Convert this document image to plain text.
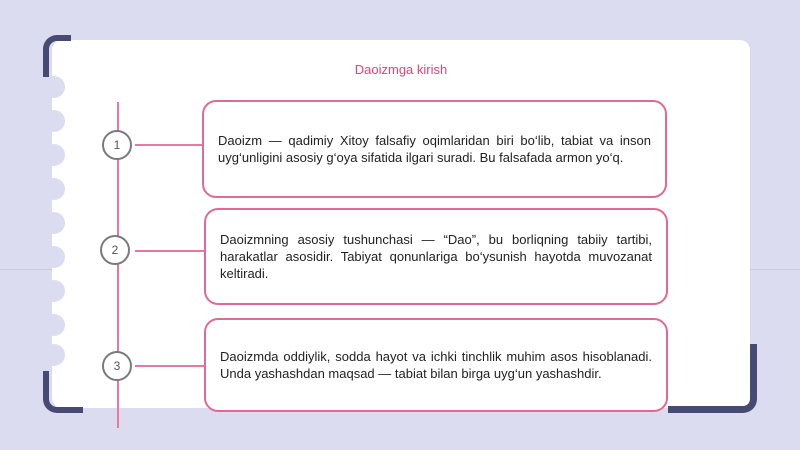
Daoizmga kirish
1
2
3
Daoizm — qadimiy Xitoy falsafiy oqimlaridan biri bo‘lib, tabiat va inson uyg‘unligini asosiy g‘oya sifatida ilgari suradi. Bu falsafada armon yo‘q.
Daoizmning asosiy tushunchasi — “Dao”, bu borliqning tabiiy tartibi, harakatlar asosidir. Tabiyat qonunlariga bo‘ysunish hayotda muvozanat keltiradi.
Daoizmda oddiylik, sodda hayot va ichki tinchlik muhim asos hisoblanadi. Unda yashashdan maqsad — tabiat bilan birga uyg‘un yashashdir.
